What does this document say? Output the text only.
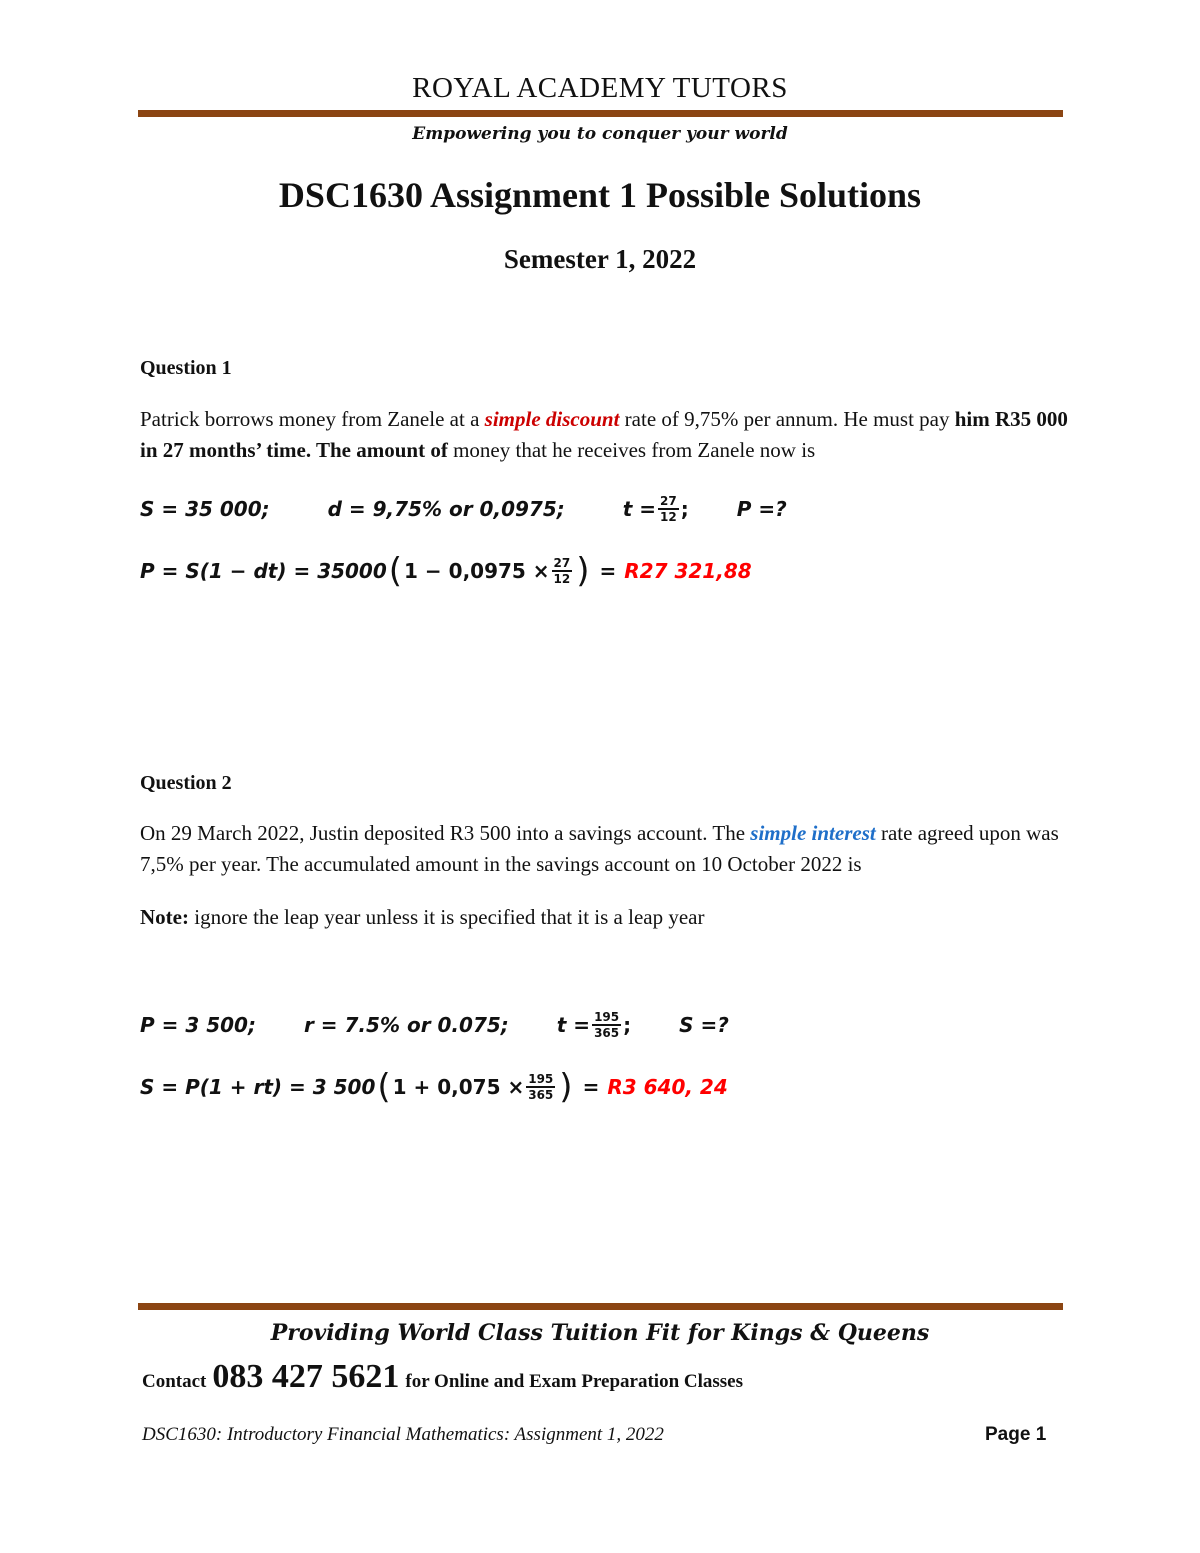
ROYAL ACADEMY TUTORS
Empowering you to conquer your world
DSC1630 Assignment 1 Possible Solutions
Semester 1, 2022
Question 1
Patrick borrows money from Zanele at a simple discount rate of 9,75% per annum. He must pay him R35 000 in 27 months’ time. The amount of money that he receives from Zanele now is
S = 35 000;	d = 9,75% or 0,0975;	$t = \frac{27}{12}$ ; P =?
P = S(1 − dt) = 35000 ( $1 - 0,0975 \times \frac{27}{12}$ ) = R27 321,88
Question 2
On 29 March 2022, Justin deposited R3 500 into a savings account. The simple interest rate agreed upon was 7,5% per year. The accumulated amount in the savings account on 10 October 2022 is
Note: ignore the leap year unless it is specified that it is a leap year
P = 3 500; r = 7.5% or 0.075; $t = \frac{195}{365}$ ; S =?
S = P(1 + rt) = 3 500 ( $1 + 0,075 \times \frac{195}{365}$ ) = R3 640, 24
Providing World Class Tuition Fit for Kings & Queens
Contact 083 427 5621 for Online and Exam Preparation Classes
DSC1630: Introductory Financial Mathematics: Assignment 1, 2022	Page 1
